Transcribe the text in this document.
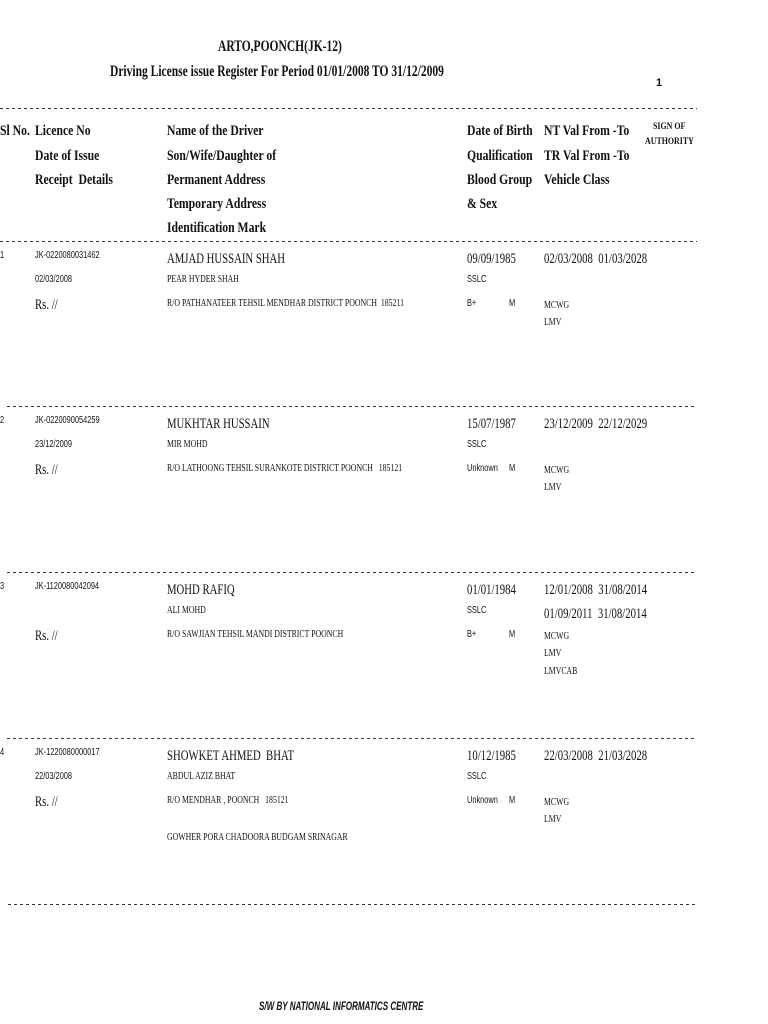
ARTO,POONCH(JK-12)
Driving License issue Register For Period 01/01/2008 TO 31/12/2009
1
Sl No. Licence No
Date of Issue
Receipt  Details
Name of the Driver
Son/Wife/Daughter of
Permanent Address
Temporary Address
Identification Mark
Date of Birth
Qualification
Blood Group
& Sex
NT Val From -To
TR Val From -To
Vehicle Class
SIGN OF
AUTHORITY
1	JK-0220080031462
02/03/2008
Rs. //
AMJAD HUSSAIN SHAH
PEAR HYDER SHAH
R/O PATHANATEER TEHSIL MENDHAR DISTRICT POONCH  185211
09/09/1985
SSLC
B+	M
02/03/2008  01/03/2028
MCWG
LMV
2	JK-0220090054259
23/12/2009
Rs. //
MUKHTAR HUSSAIN
MIR MOHD
R/O LATHOONG TEHSIL SURANKOTE DISTRICT POONCH   185121
15/07/1987
SSLC
Unknown M
23/12/2009  22/12/2029
MCWG
LMV
3	JK-1120080042094
Rs. //
MOHD RAFIQ
ALI MOHD
R/O SAWJIAN TEHSIL MANDI DISTRICT POONCH
01/01/1984
SSLC
B+	M
12/01/2008  31/08/2014
01/09/2011  31/08/2014
MCWG
LMV
LMVCAB
4	JK-1220080000017
22/03/2008
Rs. //
SHOWKET AHMED  BHAT
ABDUL AZIZ BHAT
R/O MENDHAR , POONCH   185121
GOWHER PORA CHADOORA BUDGAM SRINAGAR
10/12/1985
SSLC
Unknown M
22/03/2008  21/03/2028
MCWG
LMV
S/W BY NATIONAL INFORMATICS CENTRE
